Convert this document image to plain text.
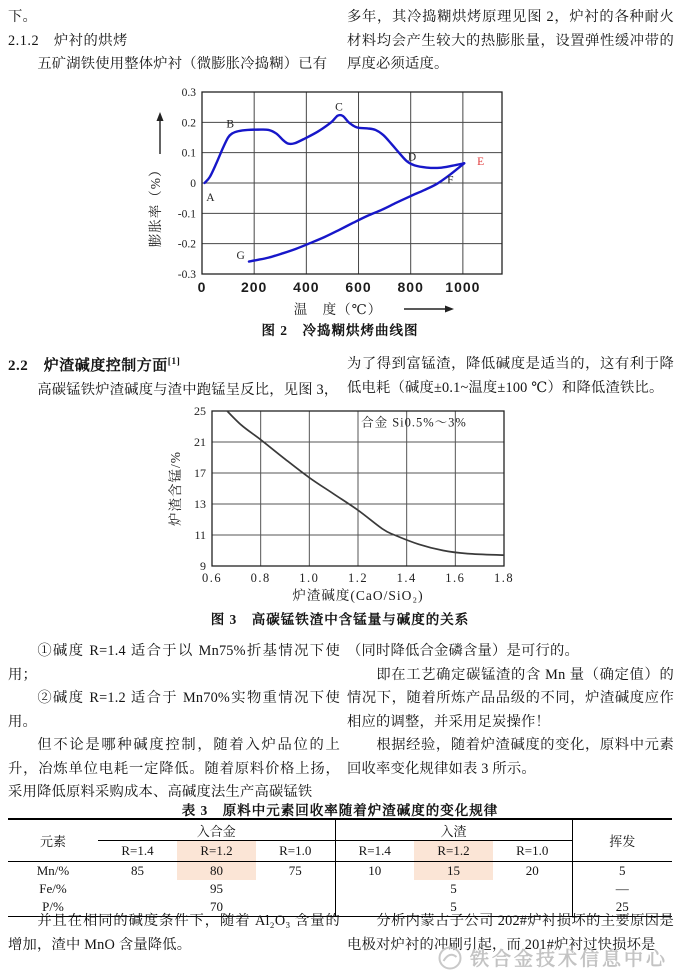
下。
2.1.2　炉衬的烘烤
五矿湖铁使用整体炉衬（微膨胀冷捣糊）已有
多年，其冷捣糊烘烤原理见图 2，炉衬的各种耐火材料均会产生较大的热膨胀量，设置弹性缓冲带的厚度必须适度。
0 200 400 600 800 1000
0.3
0.2
0.1
0
-0.1
-0.2
-0.3
A
B
C
D	E
F
G
温　度（℃）
膨胀率（%）
图 2　冷捣糊烘烤曲线图
2.2　炉渣碱度控制方面[1]
高碳锰铁炉渣碱度与渣中跑锰呈反比，见图 3，
为了得到富锰渣，降低碱度是适当的，这有利于降低电耗（碱度±0.1~温度±100 ℃）和降低渣铁比。
0.6 0.8 1.0 1.2 1.4 1.6 1.8
25
21
17
13
11
9
合金 Si0.5%～3%
炉渣碱度(CaO/SiO₂)
炉渣含锰/%
图 3　高碳锰铁渣中含锰量与碱度的关系
①碱度 R=1.4 适合于以 Mn75%折基情况下使用；
②碱度 R=1.2 适合于 Mn70%实物重情况下使用。
但不论是哪种碱度控制，随着入炉品位的上升，冶炼单位电耗一定降低。随着原料价格上扬，采用降低原料采购成本、高碱度法生产高碳锰铁
（同时降低合金磷含量）是可行的。
即在工艺确定碳锰渣的含 Mn 量（确定值）的情况下，随着所炼产品品级的不同，炉渣碱度应作相应的调整，并采用足炭操作！
根据经验，随着炉渣碱度的变化，原料中元素回收率变化规律如表 3 所示。
表 3　原料中元素回收率随着炉渣碱度的变化规律
元素	入合金			入渣			挥发
	R=1.4	R=1.2	R=1.0	R=1.4	R=1.2	R=1.0	
Mn/%	85	80	75	10	15	20	5
Fe/%		95			5		—
P/%		70			5		25
并且在相同的碱度条件下，随着 Al₂O₃ 含量的增加，渣中 MnO 含量降低。
分析内蒙古子公司 202#炉衬损坏的主要原因是电极对炉衬的冲刷引起，而 201#炉衬过快损坏是
铁合金技术信息中心
